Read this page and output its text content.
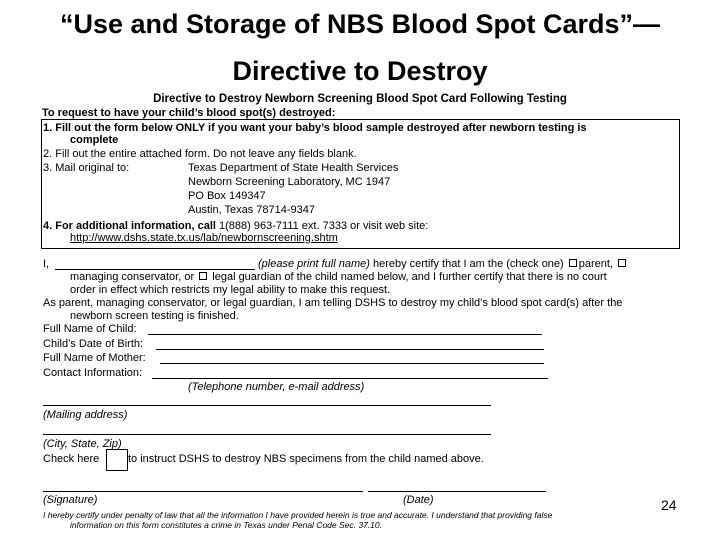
“Use and Storage of NBS Blood Spot Cards”—
Directive to Destroy
Directive to Destroy Newborn Screening Blood Spot Card Following Testing
To request to have your child’s blood spot(s) destroyed:
1. Fill out the form below ONLY if you want your baby’s blood sample destroyed after newborn testing is
complete
2. Fill out the entire attached form. Do not leave any fields blank.
3. Mail original to:	Texas Department of State Health Services
Newborn Screening Laboratory, MC 1947
PO Box 149347
Austin, Texas 78714-9347
4. For additional information, call 1(888) 963-7111 ext. 7333 or visit web site:
http://www.dshs.state.tx.us/lab/newbornscreening.shtm
I,	(please print full name) hereby certify that I am the (check one) parent,
managing conservator, or legal guardian of the child named below, and I further certify that there is no court
order in effect which restricts my legal ability to make this request.
As parent, managing conservator, or legal guardian, I am telling DSHS to destroy my child’s blood spot card(s) after the
newborn screen testing is finished.
Full Name of Child:
Child’s Date of Birth:
Full Name of Mother:
Contact Information:
(Telephone number, e-mail address)
(Mailing address)
(City, State, Zip)
Check here	to instruct DSHS to destroy NBS specimens from the child named above.
(Signature)	(Date)
I hereby certify under penalty of law that all the information I have provided herein is true and accurate. I understand that providing false
information on this form constitutes a crime in Texas under Penal Code Sec. 37.10.
24
